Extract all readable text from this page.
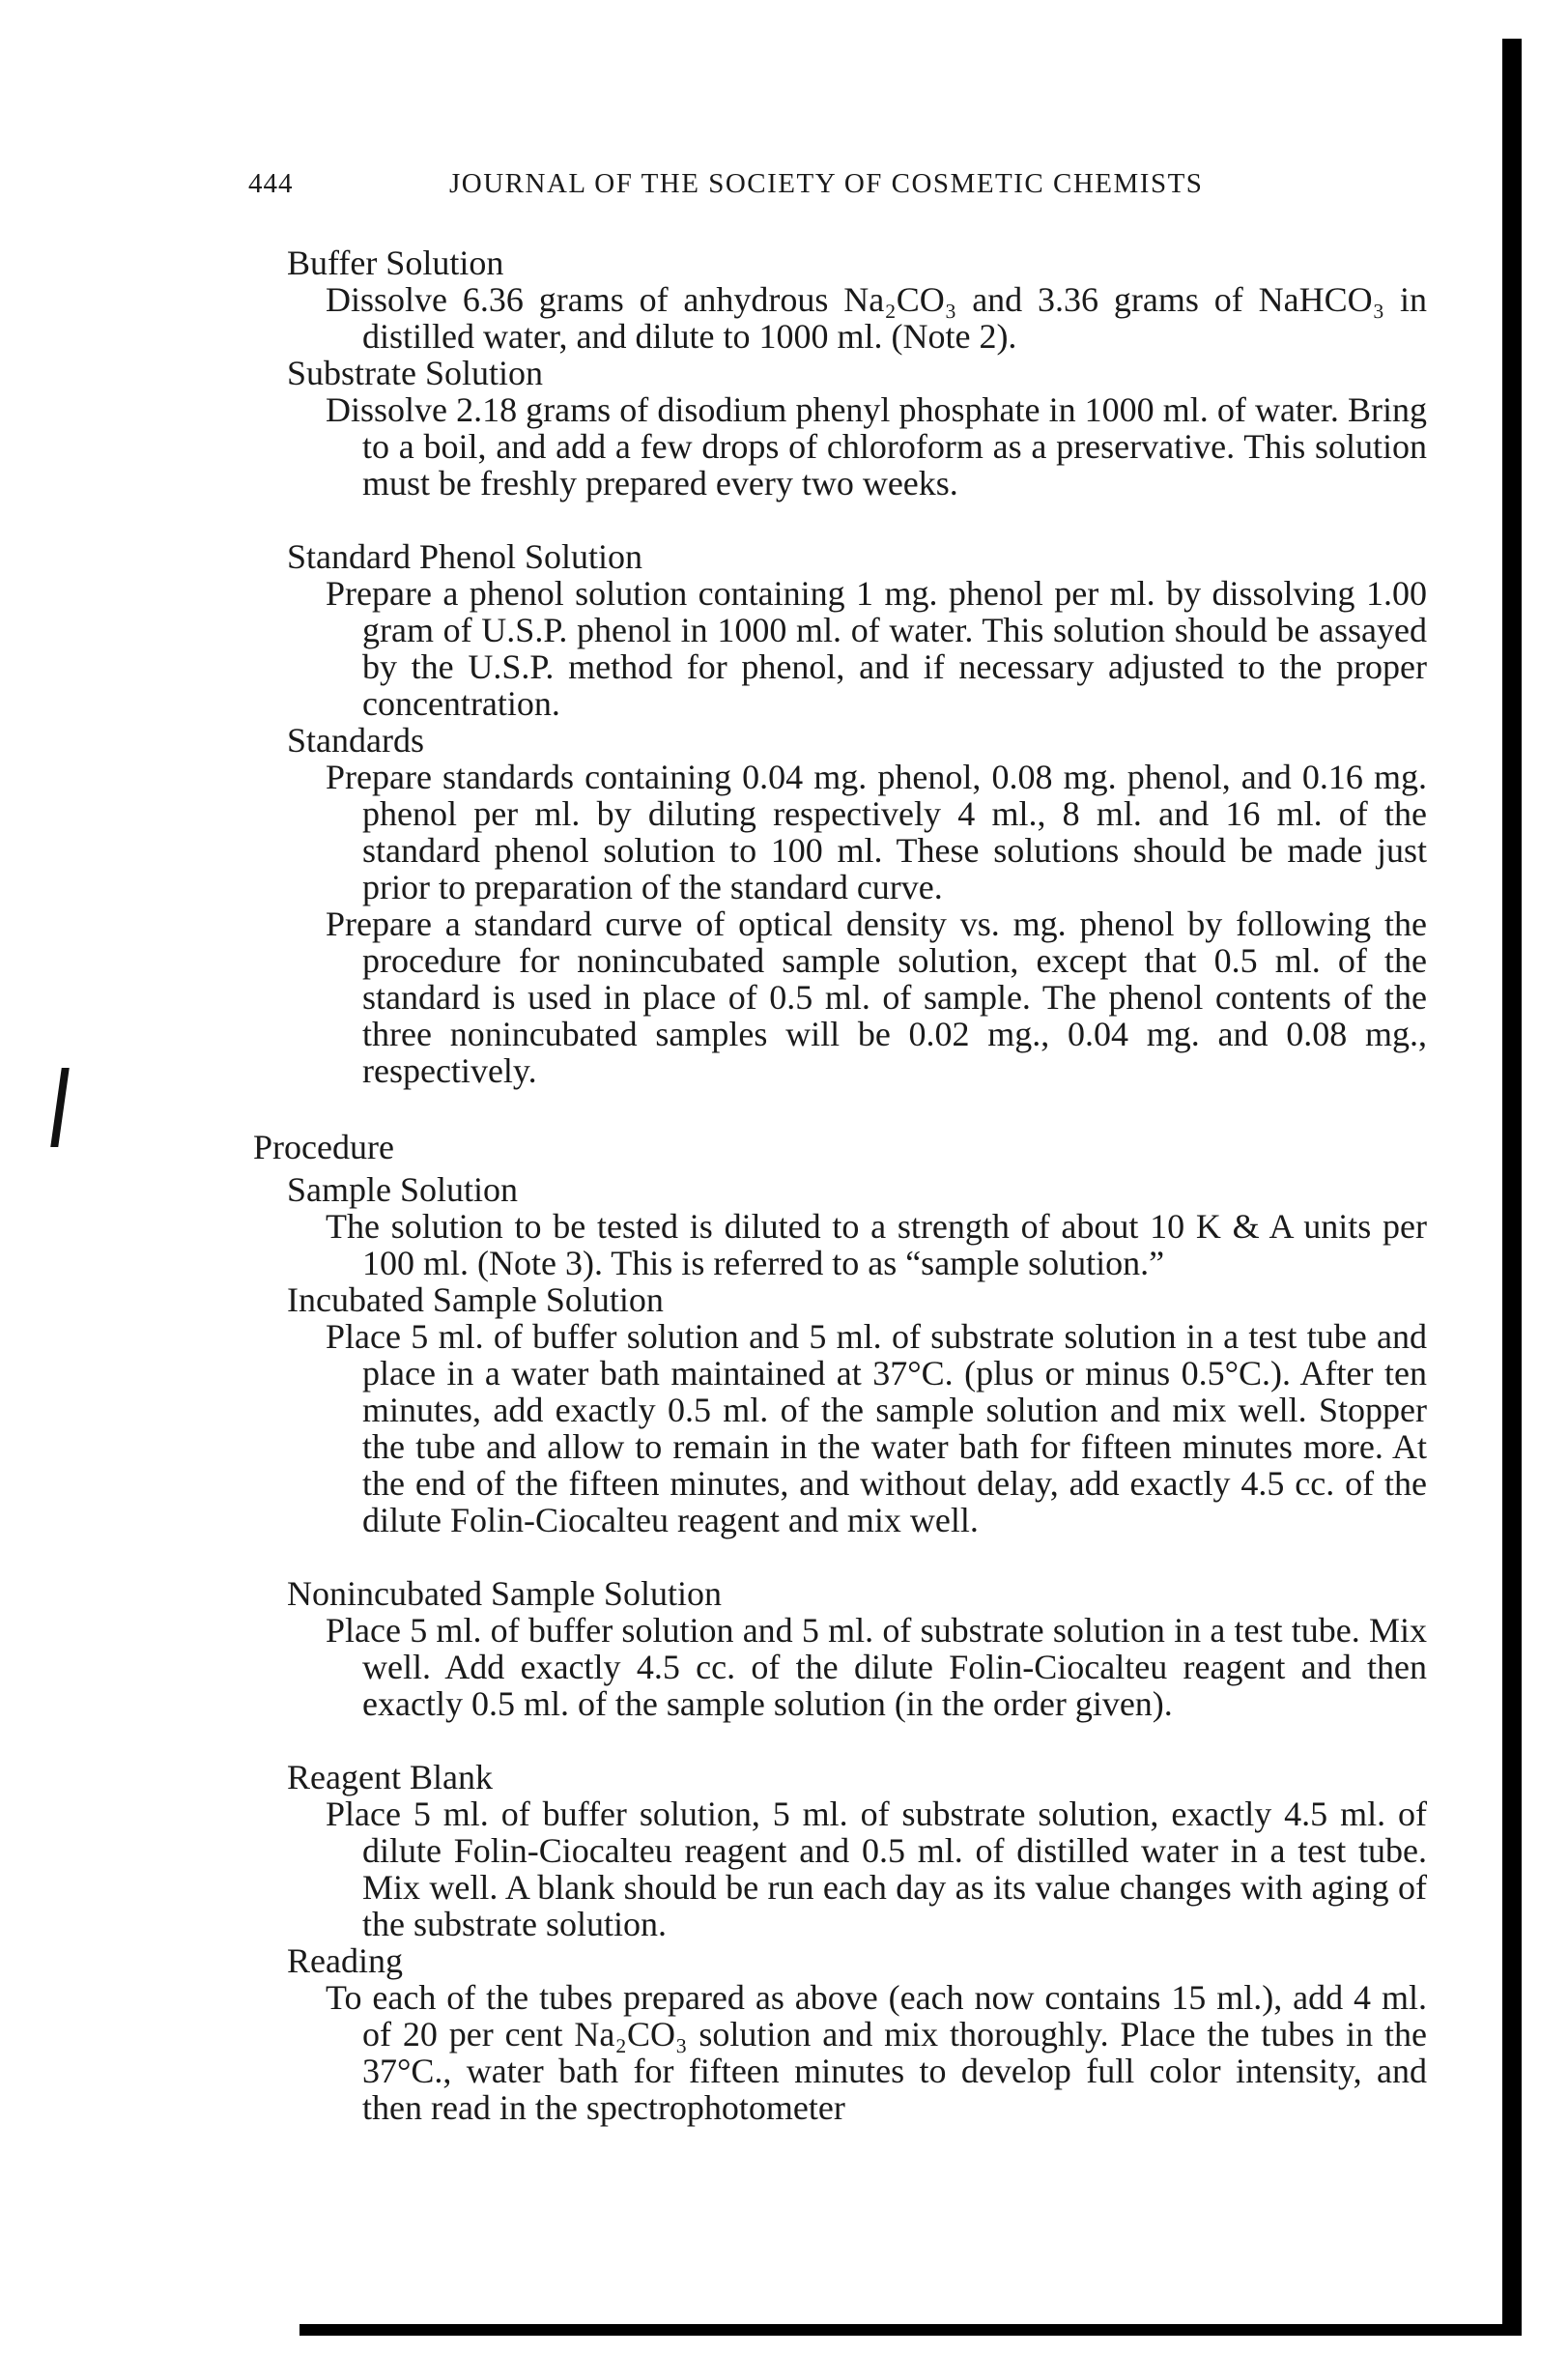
444	JOURNAL OF THE SOCIETY OF COSMETIC CHEMISTS
Buffer Solution
Dissolve 6.36 grams of anhydrous Na₂CO₃ and 3.36 grams of NaHCO₃ in distilled water, and dilute to 1000 ml. (Note 2).
Substrate Solution
Dissolve 2.18 grams of disodium phenyl phosphate in 1000 ml. of water. Bring to a boil, and add a few drops of chloroform as a preservative. This solution must be freshly prepared every two weeks.
Standard Phenol Solution
Prepare a phenol solution containing 1 mg. phenol per ml. by dissolving 1.00 gram of U.S.P. phenol in 1000 ml. of water. This solution should be assayed by the U.S.P. method for phenol, and if necessary adjusted to the proper concentration.
Standards
Prepare standards containing 0.04 mg. phenol, 0.08 mg. phenol, and 0.16 mg. phenol per ml. by diluting respectively 4 ml., 8 ml. and 16 ml. of the standard phenol solution to 100 ml. These solutions should be made just prior to preparation of the standard curve.
Prepare a standard curve of optical density vs. mg. phenol by following the procedure for nonincubated sample solution, except that 0.5 ml. of the standard is used in place of 0.5 ml. of sample. The phenol contents of the three nonincubated samples will be 0.02 mg., 0.04 mg. and 0.08 mg., respectively.
Procedure
Sample Solution
The solution to be tested is diluted to a strength of about 10 K & A units per 100 ml. (Note 3). This is referred to as “sample solution.”
Incubated Sample Solution
Place 5 ml. of buffer solution and 5 ml. of substrate solution in a test tube and place in a water bath maintained at 37°C. (plus or minus 0.5°C.). After ten minutes, add exactly 0.5 ml. of the sample solution and mix well. Stopper the tube and allow to remain in the water bath for fifteen minutes more. At the end of the fifteen minutes, and without delay, add exactly 4.5 cc. of the dilute Folin-Ciocalteu reagent and mix well.
Nonincubated Sample Solution
Place 5 ml. of buffer solution and 5 ml. of substrate solution in a test tube. Mix well. Add exactly 4.5 cc. of the dilute Folin-Ciocalteu reagent and then exactly 0.5 ml. of the sample solution (in the order given).
Reagent Blank
Place 5 ml. of buffer solution, 5 ml. of substrate solution, exactly 4.5 ml. of dilute Folin-Ciocalteu reagent and 0.5 ml. of distilled water in a test tube. Mix well. A blank should be run each day as its value changes with aging of the substrate solution.
Reading
To each of the tubes prepared as above (each now contains 15 ml.), add 4 ml. of 20 per cent Na₂CO₃ solution and mix thoroughly. Place the tubes in the 37°C., water bath for fifteen minutes to develop full color intensity, and then read in the spectrophotometer
